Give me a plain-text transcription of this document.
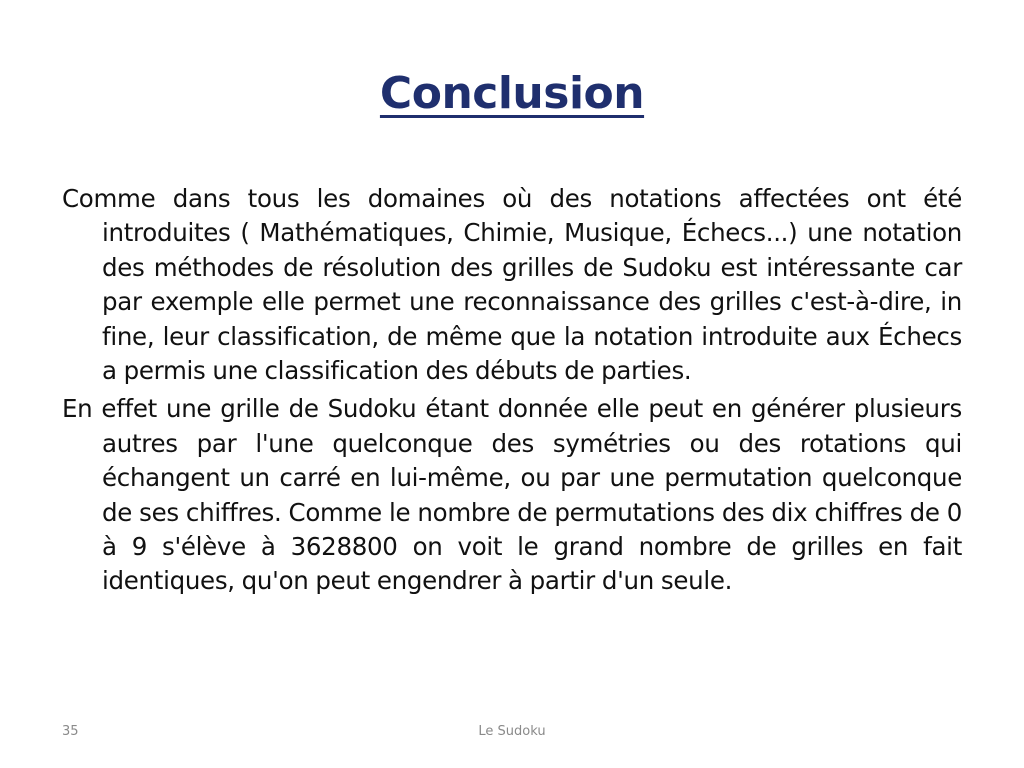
Conclusion

Comme dans tous les domaines où des notations affectées ont été introduites ( Mathématiques, Chimie, Musique, Échecs...) une notation des méthodes de résolution des grilles de Sudoku est intéressante car par exemple elle permet une reconnaissance des grilles c'est-à-dire, in fine, leur classification, de même que la notation introduite aux Échecs a permis une classification des débuts de parties.

En effet une grille de Sudoku étant donnée elle peut en générer plusieurs autres par l'une quelconque des symétries ou des rotations qui échangent un carré en lui-même, ou par une permutation quelconque de ses chiffres. Comme le nombre de permutations des dix chiffres de 0 à 9 s'élève à 3628800 on voit le grand nombre de grilles en fait identiques, qu'on peut engendrer à partir d'un seule.

35	Le Sudoku
